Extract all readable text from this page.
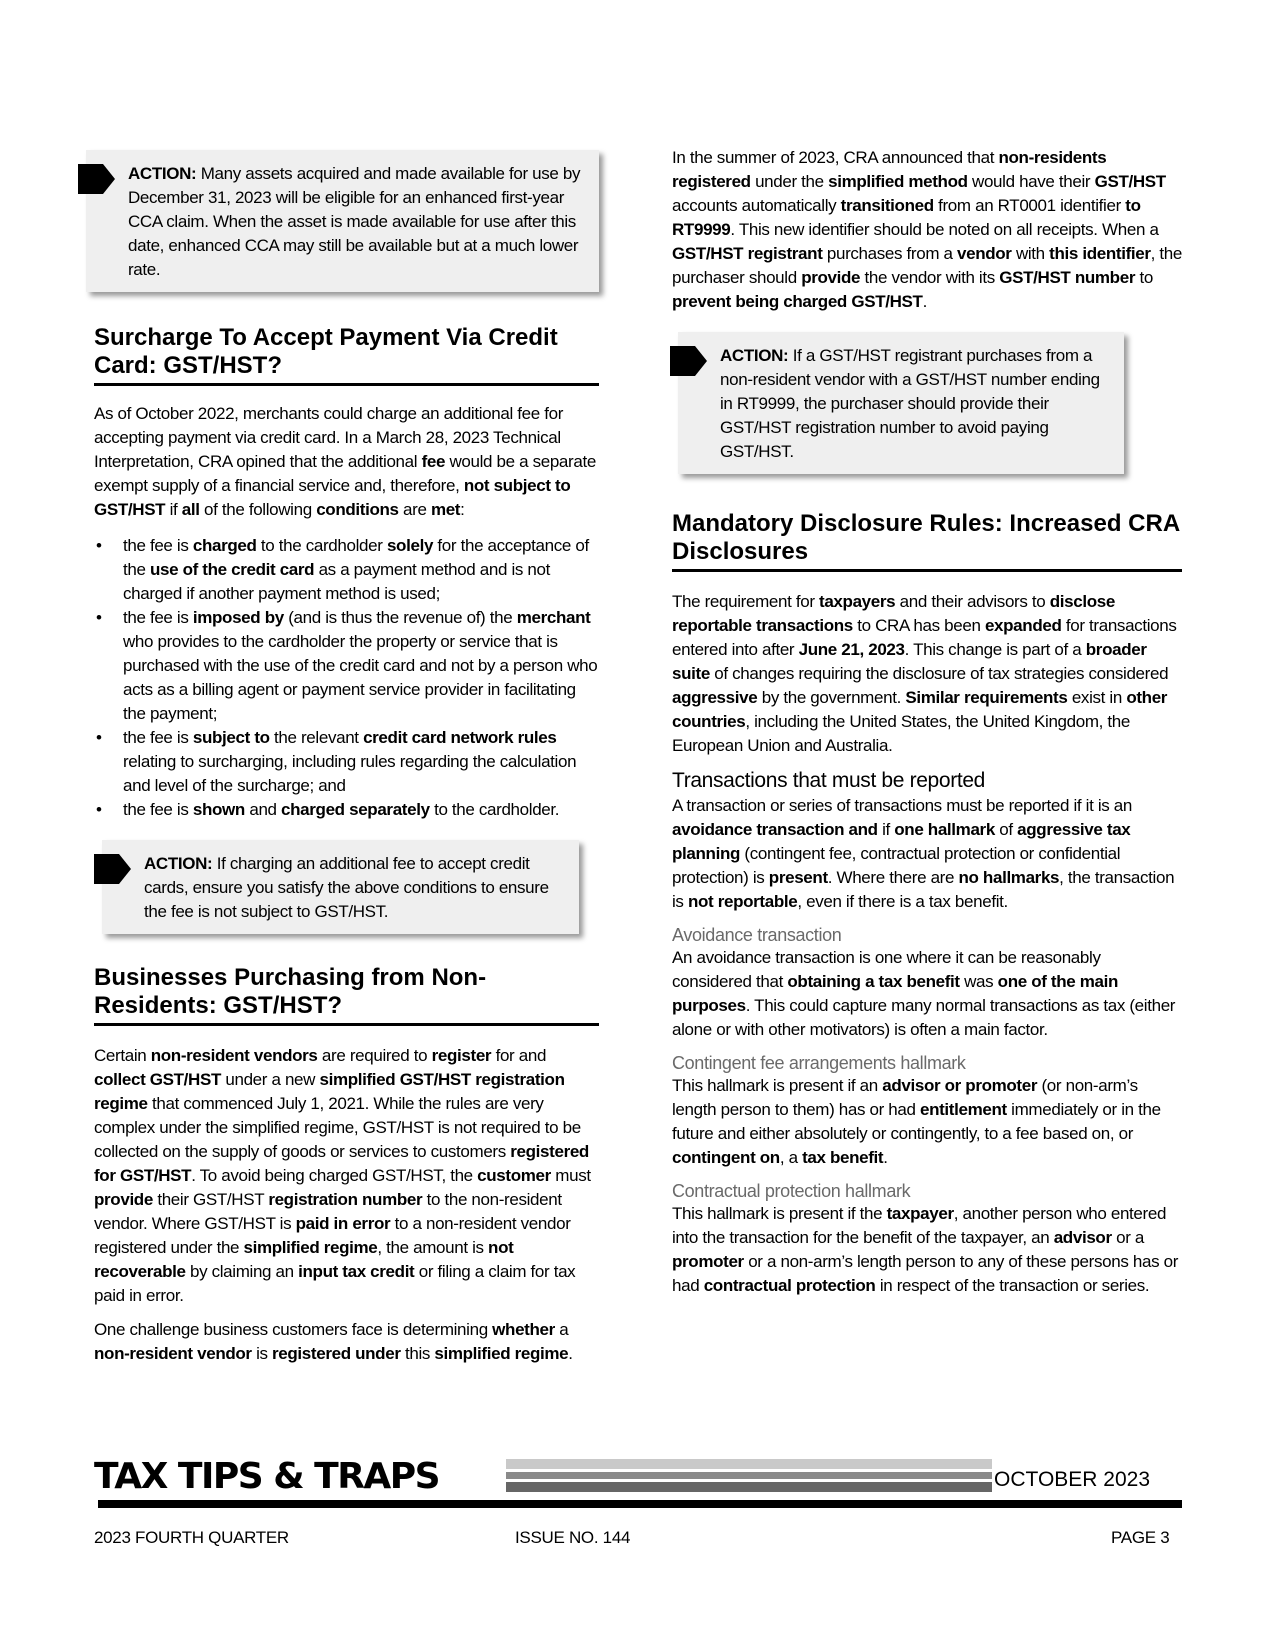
ACTION: Many assets acquired and made available for use by December 31, 2023 will be eligible for an enhanced first-year CCA claim. When the asset is made available for use after this date, enhanced CCA may still be available but at a much lower rate.

Surcharge To Accept Payment Via Credit Card: GST/HST?

As of October 2022, merchants could charge an additional fee for accepting payment via credit card. In a March 28, 2023 Technical Interpretation, CRA opined that the additional fee would be a separate exempt supply of a financial service and, therefore, not subject to GST/HST if all of the following conditions are met:

• the fee is charged to the cardholder solely for the acceptance of the use of the credit card as a payment method and is not charged if another payment method is used;
• the fee is imposed by (and is thus the revenue of) the merchant who provides to the cardholder the property or service that is purchased with the use of the credit card and not by a person who acts as a billing agent or payment service provider in facilitating the payment;
• the fee is subject to the relevant credit card network rules relating to surcharging, including rules regarding the calculation and level of the surcharge; and
• the fee is shown and charged separately to the cardholder.

ACTION: If charging an additional fee to accept credit cards, ensure you satisfy the above conditions to ensure the fee is not subject to GST/HST.

Businesses Purchasing from Non-Residents: GST/HST?

Certain non-resident vendors are required to register for and collect GST/HST under a new simplified GST/HST registration regime that commenced July 1, 2021. While the rules are very complex under the simplified regime, GST/HST is not required to be collected on the supply of goods or services to customers registered for GST/HST. To avoid being charged GST/HST, the customer must provide their GST/HST registration number to the non-resident vendor. Where GST/HST is paid in error to a non-resident vendor registered under the simplified regime, the amount is not recoverable by claiming an input tax credit or filing a claim for tax paid in error.

One challenge business customers face is determining whether a non-resident vendor is registered under this simplified regime.

In the summer of 2023, CRA announced that non-residents registered under the simplified method would have their GST/HST accounts automatically transitioned from an RT0001 identifier to RT9999. This new identifier should be noted on all receipts. When a GST/HST registrant purchases from a vendor with this identifier, the purchaser should provide the vendor with its GST/HST number to prevent being charged GST/HST.

ACTION: If a GST/HST registrant purchases from a non-resident vendor with a GST/HST number ending in RT9999, the purchaser should provide their GST/HST registration number to avoid paying GST/HST.

Mandatory Disclosure Rules: Increased CRA Disclosures

The requirement for taxpayers and their advisors to disclose reportable transactions to CRA has been expanded for transactions entered into after June 21, 2023. This change is part of a broader suite of changes requiring the disclosure of tax strategies considered aggressive by the government. Similar requirements exist in other countries, including the United States, the United Kingdom, the European Union and Australia.

Transactions that must be reported

A transaction or series of transactions must be reported if it is an avoidance transaction and if one hallmark of aggressive tax planning (contingent fee, contractual protection or confidential protection) is present. Where there are no hallmarks, the transaction is not reportable, even if there is a tax benefit.

Avoidance transaction

An avoidance transaction is one where it can be reasonably considered that obtaining a tax benefit was one of the main purposes. This could capture many normal transactions as tax (either alone or with other motivators) is often a main factor.

Contingent fee arrangements hallmark

This hallmark is present if an advisor or promoter (or non-arm’s length person to them) has or had entitlement immediately or in the future and either absolutely or contingently, to a fee based on, or contingent on, a tax benefit.

Contractual protection hallmark

This hallmark is present if the taxpayer, another person who entered into the transaction for the benefit of the taxpayer, an advisor or a promoter or a non-arm’s length person to any of these persons has or had contractual protection in respect of the transaction or series.

TAX TIPS & TRAPS	OCTOBER 2023
2023 FOURTH QUARTER	ISSUE NO. 144	PAGE 3
